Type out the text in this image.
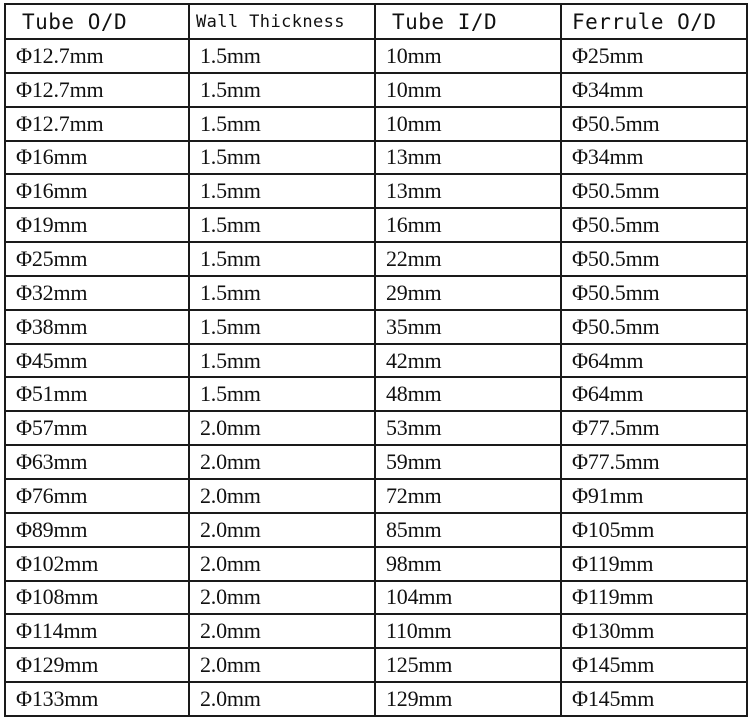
Tube O/D	Wall Thickness	Tube I/D	Ferrule O/D
Φ12.7mm	1.5mm	10mm	Φ25mm
Φ12.7mm	1.5mm	10mm	Φ34mm
Φ12.7mm	1.5mm	10mm	Φ50.5mm
Φ16mm	1.5mm	13mm	Φ34mm
Φ16mm	1.5mm	13mm	Φ50.5mm
Φ19mm	1.5mm	16mm	Φ50.5mm
Φ25mm	1.5mm	22mm	Φ50.5mm
Φ32mm	1.5mm	29mm	Φ50.5mm
Φ38mm	1.5mm	35mm	Φ50.5mm
Φ45mm	1.5mm	42mm	Φ64mm
Φ51mm	1.5mm	48mm	Φ64mm
Φ57mm	2.0mm	53mm	Φ77.5mm
Φ63mm	2.0mm	59mm	Φ77.5mm
Φ76mm	2.0mm	72mm	Φ91mm
Φ89mm	2.0mm	85mm	Φ105mm
Φ102mm	2.0mm	98mm	Φ119mm
Φ108mm	2.0mm	104mm	Φ119mm
Φ114mm	2.0mm	110mm	Φ130mm
Φ129mm	2.0mm	125mm	Φ145mm
Φ133mm	2.0mm	129mm	Φ145mm
